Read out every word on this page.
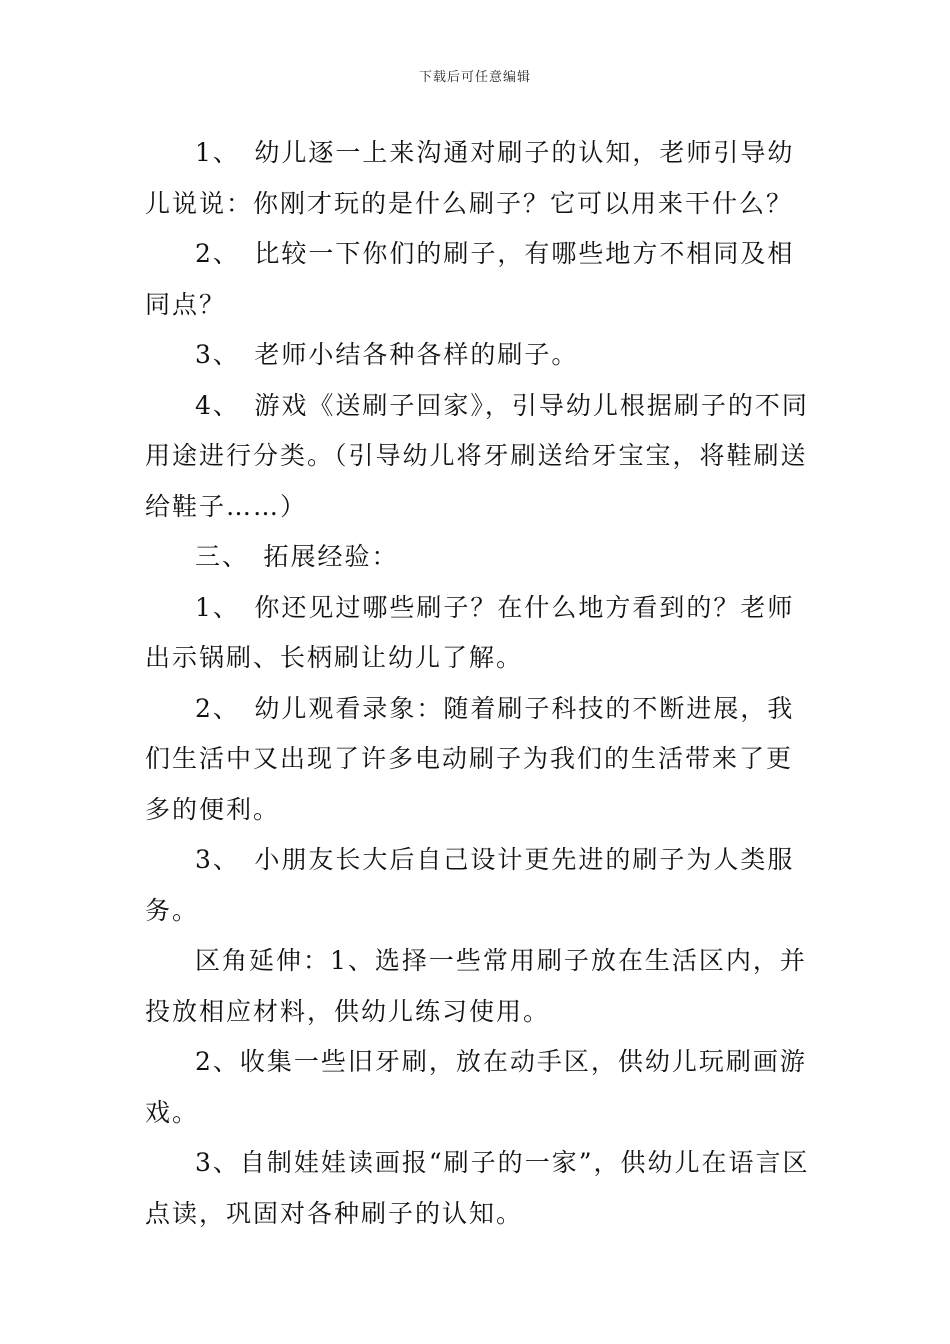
下载后可任意编辑

1、　幼儿逐一上来沟通对刷子的认知，老师引导幼儿说说：你刚才玩的是什么刷子？它可以用来干什么？

2、　比较一下你们的刷子，有哪些地方不相同及相同点？

3、　老师小结各种各样的刷子。

4、　游戏《送刷子回家》，引导幼儿根据刷子的不同用途进行分类。（引导幼儿将牙刷送给牙宝宝，将鞋刷送给鞋子……）

三、　拓展经验：

1、　你还见过哪些刷子？在什么地方看到的？老师出示锅刷、长柄刷让幼儿了解。

2、　幼儿观看录象：随着刷子科技的不断进展，我们生活中又出现了许多电动刷子为我们的生活带来了更多的便利。

3、　小朋友长大后自己设计更先进的刷子为人类服务。

区角延伸：1、选择一些常用刷子放在生活区内，并投放相应材料，供幼儿练习使用。

2、收集一些旧牙刷，放在动手区，供幼儿玩刷画游戏。

3、自制娃娃读画报“刷子的一家”，供幼儿在语言区点读，巩固对各种刷子的认知。
